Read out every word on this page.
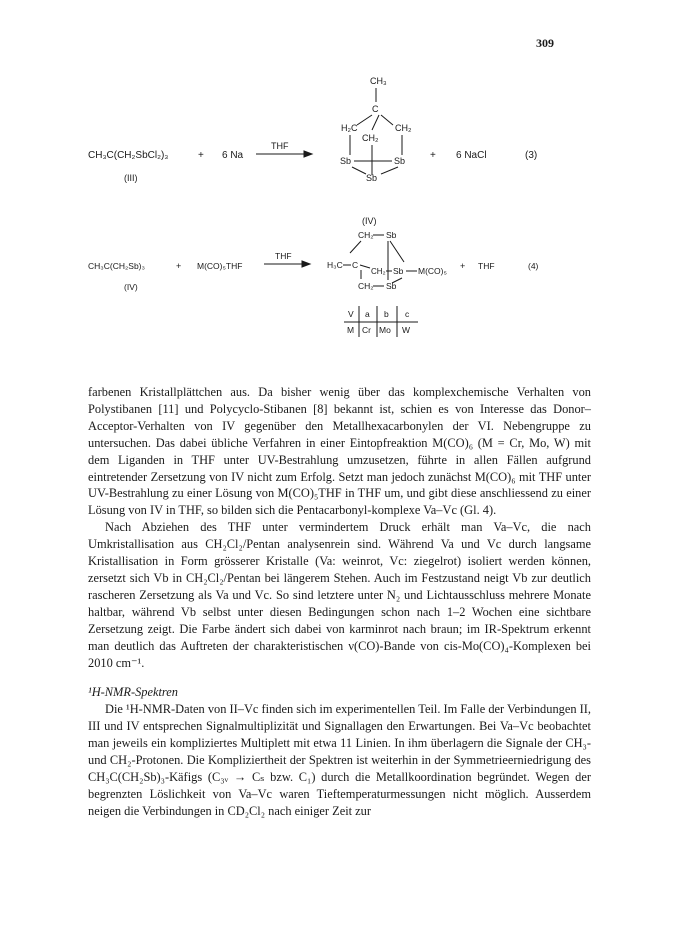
309
CH₃C(CH₂SbCl₂)₃	+ 6 Na
THF
(III)
CH₃
C
H₂C
CH₂
CH₂
Sb	Sb
Sb
+ 6 NaCl	(3)
(IV)
CH₃C(CH₂Sb)₃	+ M(CO)₅THF
THF
(IV)
CH₂ Sb
H₃C C
CH₂ Sb M(CO)₅
CH₂ Sb
+ THF	(4)
V a b c
M Cr Mo W

farbenen Kristallplättchen aus. Da bisher wenig über das komplexchemische Verhalten von Polystibanen [11] und Polycyclo-Stibanen [8] bekannt ist, schien es von Interesse das Donor–Acceptor-Verhalten von IV gegenüber den Metallhexacarbonylen der VI. Nebengruppe zu untersuchen. Das dabei übliche Verfahren in einer Eintopfreaktion M(CO)₆ (M = Cr, Mo, W) mit dem Liganden in THF unter UV-Bestrahlung umzusetzen, führte in allen Fällen aufgrund eintretender Zersetzung von IV nicht zum Erfolg. Setzt man jedoch zunächst M(CO)₆ mit THF unter UV-Bestrahlung zu einer Lösung von M(CO)₅THF in THF um, und gibt diese anschliessend zu einer Lösung von IV in THF, so bilden sich die Pentacarbonyl-komplexe Va–Vc (Gl. 4).

Nach Abziehen des THF unter vermindertem Druck erhält man Va–Vc, die nach Umkristallisation aus CH₂Cl₂/Pentan analysenrein sind. Während Va und Vc durch langsame Kristallisation in Form grösserer Kristalle (Va: weinrot, Vc: ziegelrot) isoliert werden können, zersetzt sich Vb in CH₂Cl₂/Pentan bei längerem Stehen. Auch im Festzustand neigt Vb zur deutlich rascheren Zersetzung als Va und Vc. So sind letztere unter N₂ und Lichtausschluss mehrere Monate haltbar, während Vb selbst unter diesen Bedingungen schon nach 1–2 Wochen eine sichtbare Zersetzung zeigt. Die Farbe ändert sich dabei von karminrot nach braun; im IR-Spektrum erkennt man deutlich das Auftreten der charakteristischen ν(CO)-Bande von cis-Mo(CO)₄-Komplexen bei 2010 cm⁻¹.

¹H-NMR-Spektren

Die ¹H-NMR-Daten von II–Vc finden sich im experimentellen Teil. Im Falle der Verbindungen II, III und IV entsprechen Signalmultiplizität und Signallagen den Erwartungen. Bei Va–Vc beobachtet man jeweils ein kompliziertes Multiplett mit etwa 11 Linien. In ihm überlagern die Signale der CH₃- und CH₂-Protonen. Die Kompliziertheit der Spektren ist weiterhin in der Symmetrieerniedrigung des CH₃C(CH₂Sb)₃-Käfigs (C₃ᵥ → Cₛ bzw. C₁) durch die Metallkoordination begründet. Wegen der begrenzten Löslichkeit von Va–Vc waren Tieftemperaturmessungen nicht möglich. Ausserdem neigen die Verbindungen in CD₂Cl₂ nach einiger Zeit zur
